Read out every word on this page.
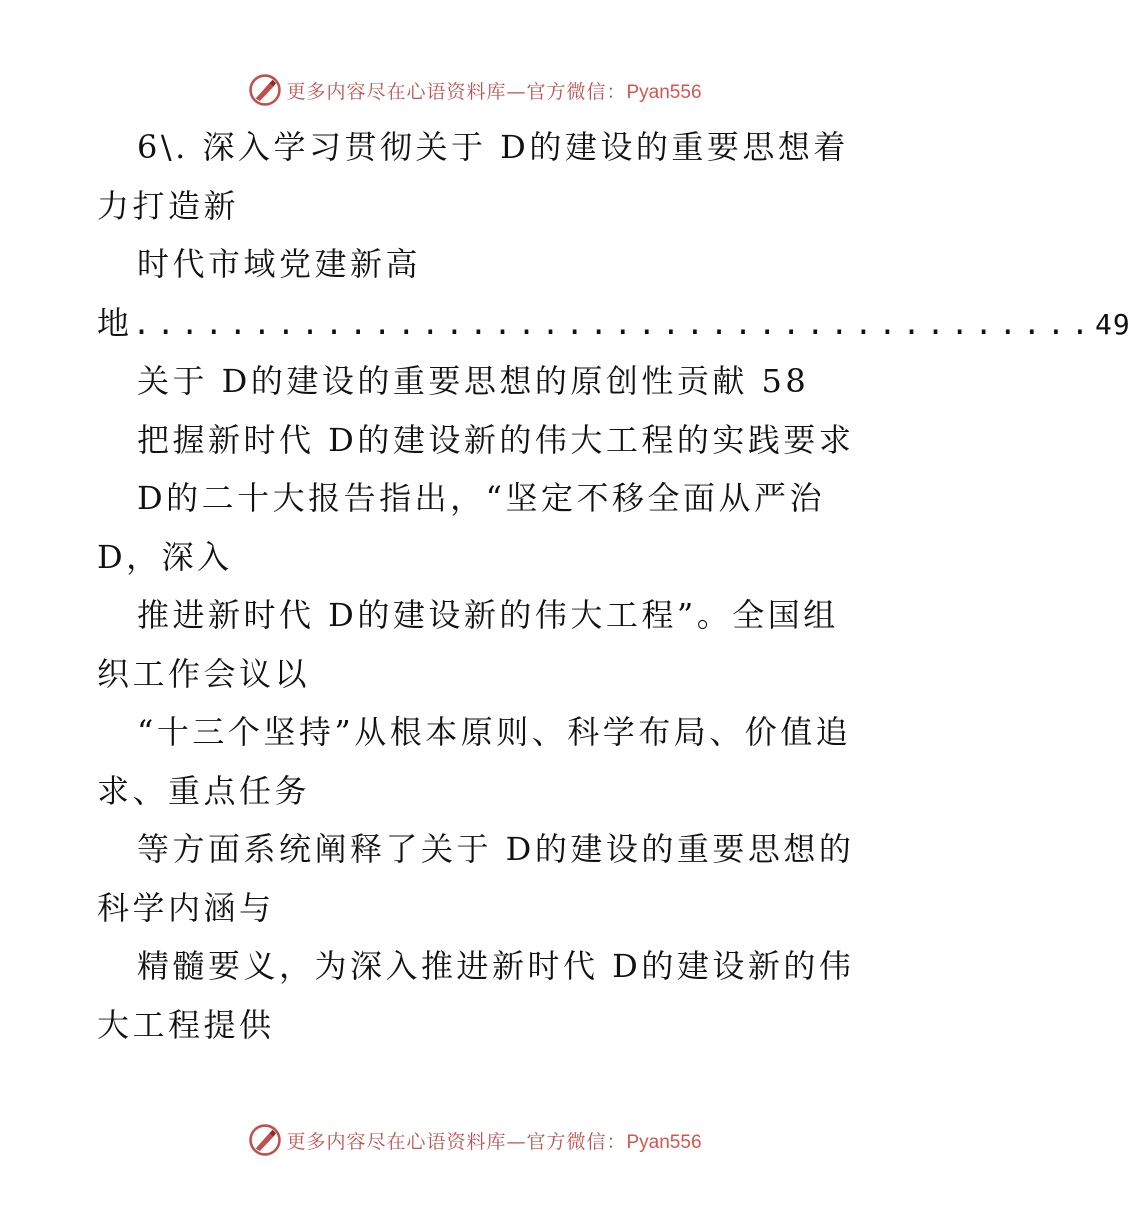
更多内容尽在心语资料库—官方微信：Pyan556
6\. 深入学习贯彻关于 D的建设的重要思想着
力打造新
时代市域党建新高
地 ........................................ 49
关于 D的建设的重要思想的原创性贡献 58
把握新时代 D的建设新的伟大工程的实践要求
D的二十大报告指出，“坚定不移全面从严治
D，深入
推进新时代 D的建设新的伟大工程”。全国组
织工作会议以
“十三个坚持”从根本原则、科学布局、价值追
求、重点任务
等方面系统阐释了关于 D的建设的重要思想的
科学内涵与
精髓要义，为深入推进新时代 D的建设新的伟
大工程提供
更多内容尽在心语资料库—官方微信：Pyan556
